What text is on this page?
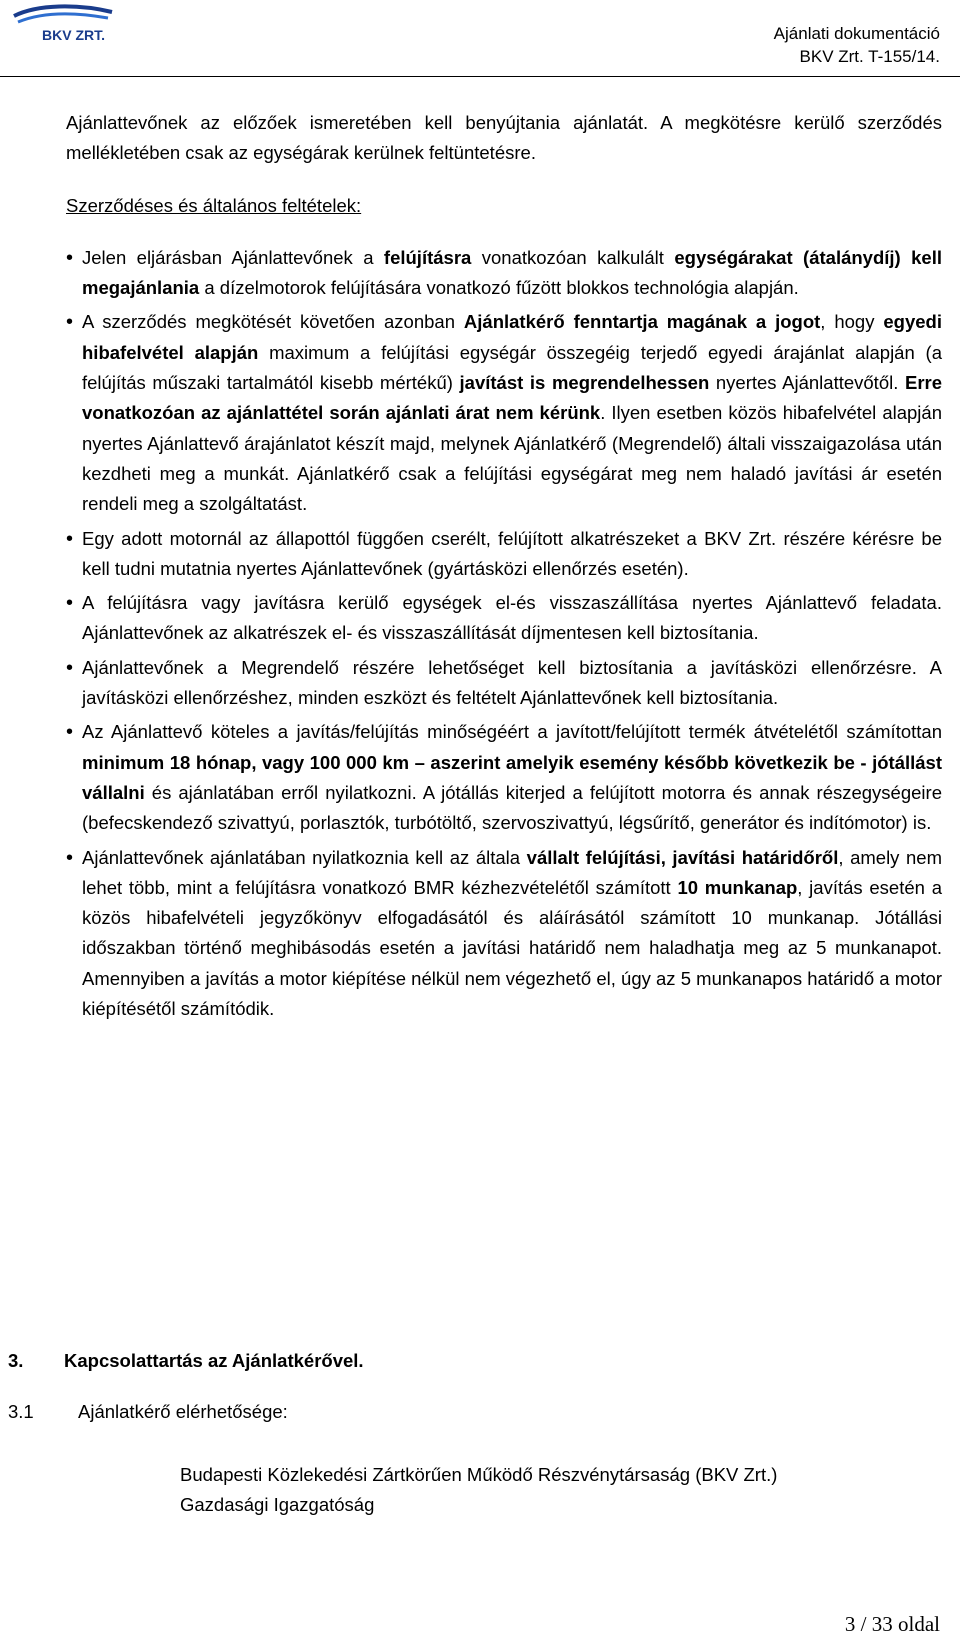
BKV ZRT.	Ajánlati dokumentáció
BKV Zrt. T-155/14.

Ajánlattevőnek az előzőek ismeretében kell benyújtania ajánlatát. A megkötésre kerülő szerződés mellékletében csak az egységárak kerülnek feltüntetésre.

Szerződéses és általános feltételek:

• Jelen eljárásban Ajánlattevőnek a felújításra vonatkozóan kalkulált egységárakat (átalánydíj) kell megajánlania a dízelmotorok felújítására vonatkozó fűzött blokkos technológia alapján.
• A szerződés megkötését követően azonban Ajánlatkérő fenntartja magának a jogot, hogy egyedi hibafelvétel alapján maximum a felújítási egységár összegéig terjedő egyedi árajánlat alapján (a felújítás műszaki tartalmától kisebb mértékű) javítást is megrendelhessen nyertes Ajánlattevőtől. Erre vonatkozóan az ajánlattétel során ajánlati árat nem kérünk. Ilyen esetben közös hibafelvétel alapján nyertes Ajánlattevő árajánlatot készít majd, melynek Ajánlatkérő (Megrendelő) általi visszaigazolása után kezdheti meg a munkát. Ajánlatkérő csak a felújítási egységárat meg nem haladó javítási ár esetén rendeli meg a szolgáltatást.
• Egy adott motornál az állapottól függően cserélt, felújított alkatrészeket a BKV Zrt. részére kérésre be kell tudni mutatnia nyertes Ajánlattevőnek (gyártásközi ellenőrzés esetén).
• A felújításra vagy javításra kerülő egységek el-és visszaszállítása nyertes Ajánlattevő feladata. Ajánlattevőnek az alkatrészek el- és visszaszállítását díjmentesen kell biztosítania.
• Ajánlattevőnek a Megrendelő részére lehetőséget kell biztosítania a javításközi ellenőrzésre. A javításközi ellenőrzéshez, minden eszközt és feltételt Ajánlattevőnek kell biztosítania.
• Az Ajánlattevő köteles a javítás/felújítás minőségéért a javított/felújított termék átvételétől számítottan minimum 18 hónap, vagy 100 000 km – aszerint amelyik esemény később következik be - jótállást vállalni és ajánlatában erről nyilatkozni. A jótállás kiterjed a felújított motorra és annak részegységeire (befecskendező szivattyú, porlasztók, turbótöltő, szervoszivattyú, légsűrítő, generátor és indítómotor) is.
• Ajánlattevőnek ajánlatában nyilatkoznia kell az általa vállalt felújítási, javítási határidőről, amely nem lehet több, mint a felújításra vonatkozó BMR kézhezvételétől számított 10 munkanap, javítás esetén a közös hibafelvételi jegyzőkönyv elfogadásától és aláírásától számított 10 munkanap. Jótállási időszakban történő meghibásodás esetén a javítási határidő nem haladhatja meg az 5 munkanapot. Amennyiben a javítás a motor kiépítése nélkül nem végezhető el, úgy az 5 munkanapos határidő a motor kiépítésétől számítódik.
3. Kapcsolattartás az Ajánlatkérővel.
3.1 Ajánlatkérő elérhetősége:
Budapesti Közlekedési Zártkörűen Működő Részvénytársaság (BKV Zrt.)
Gazdasági Igazgatóság
3 / 33 oldal
